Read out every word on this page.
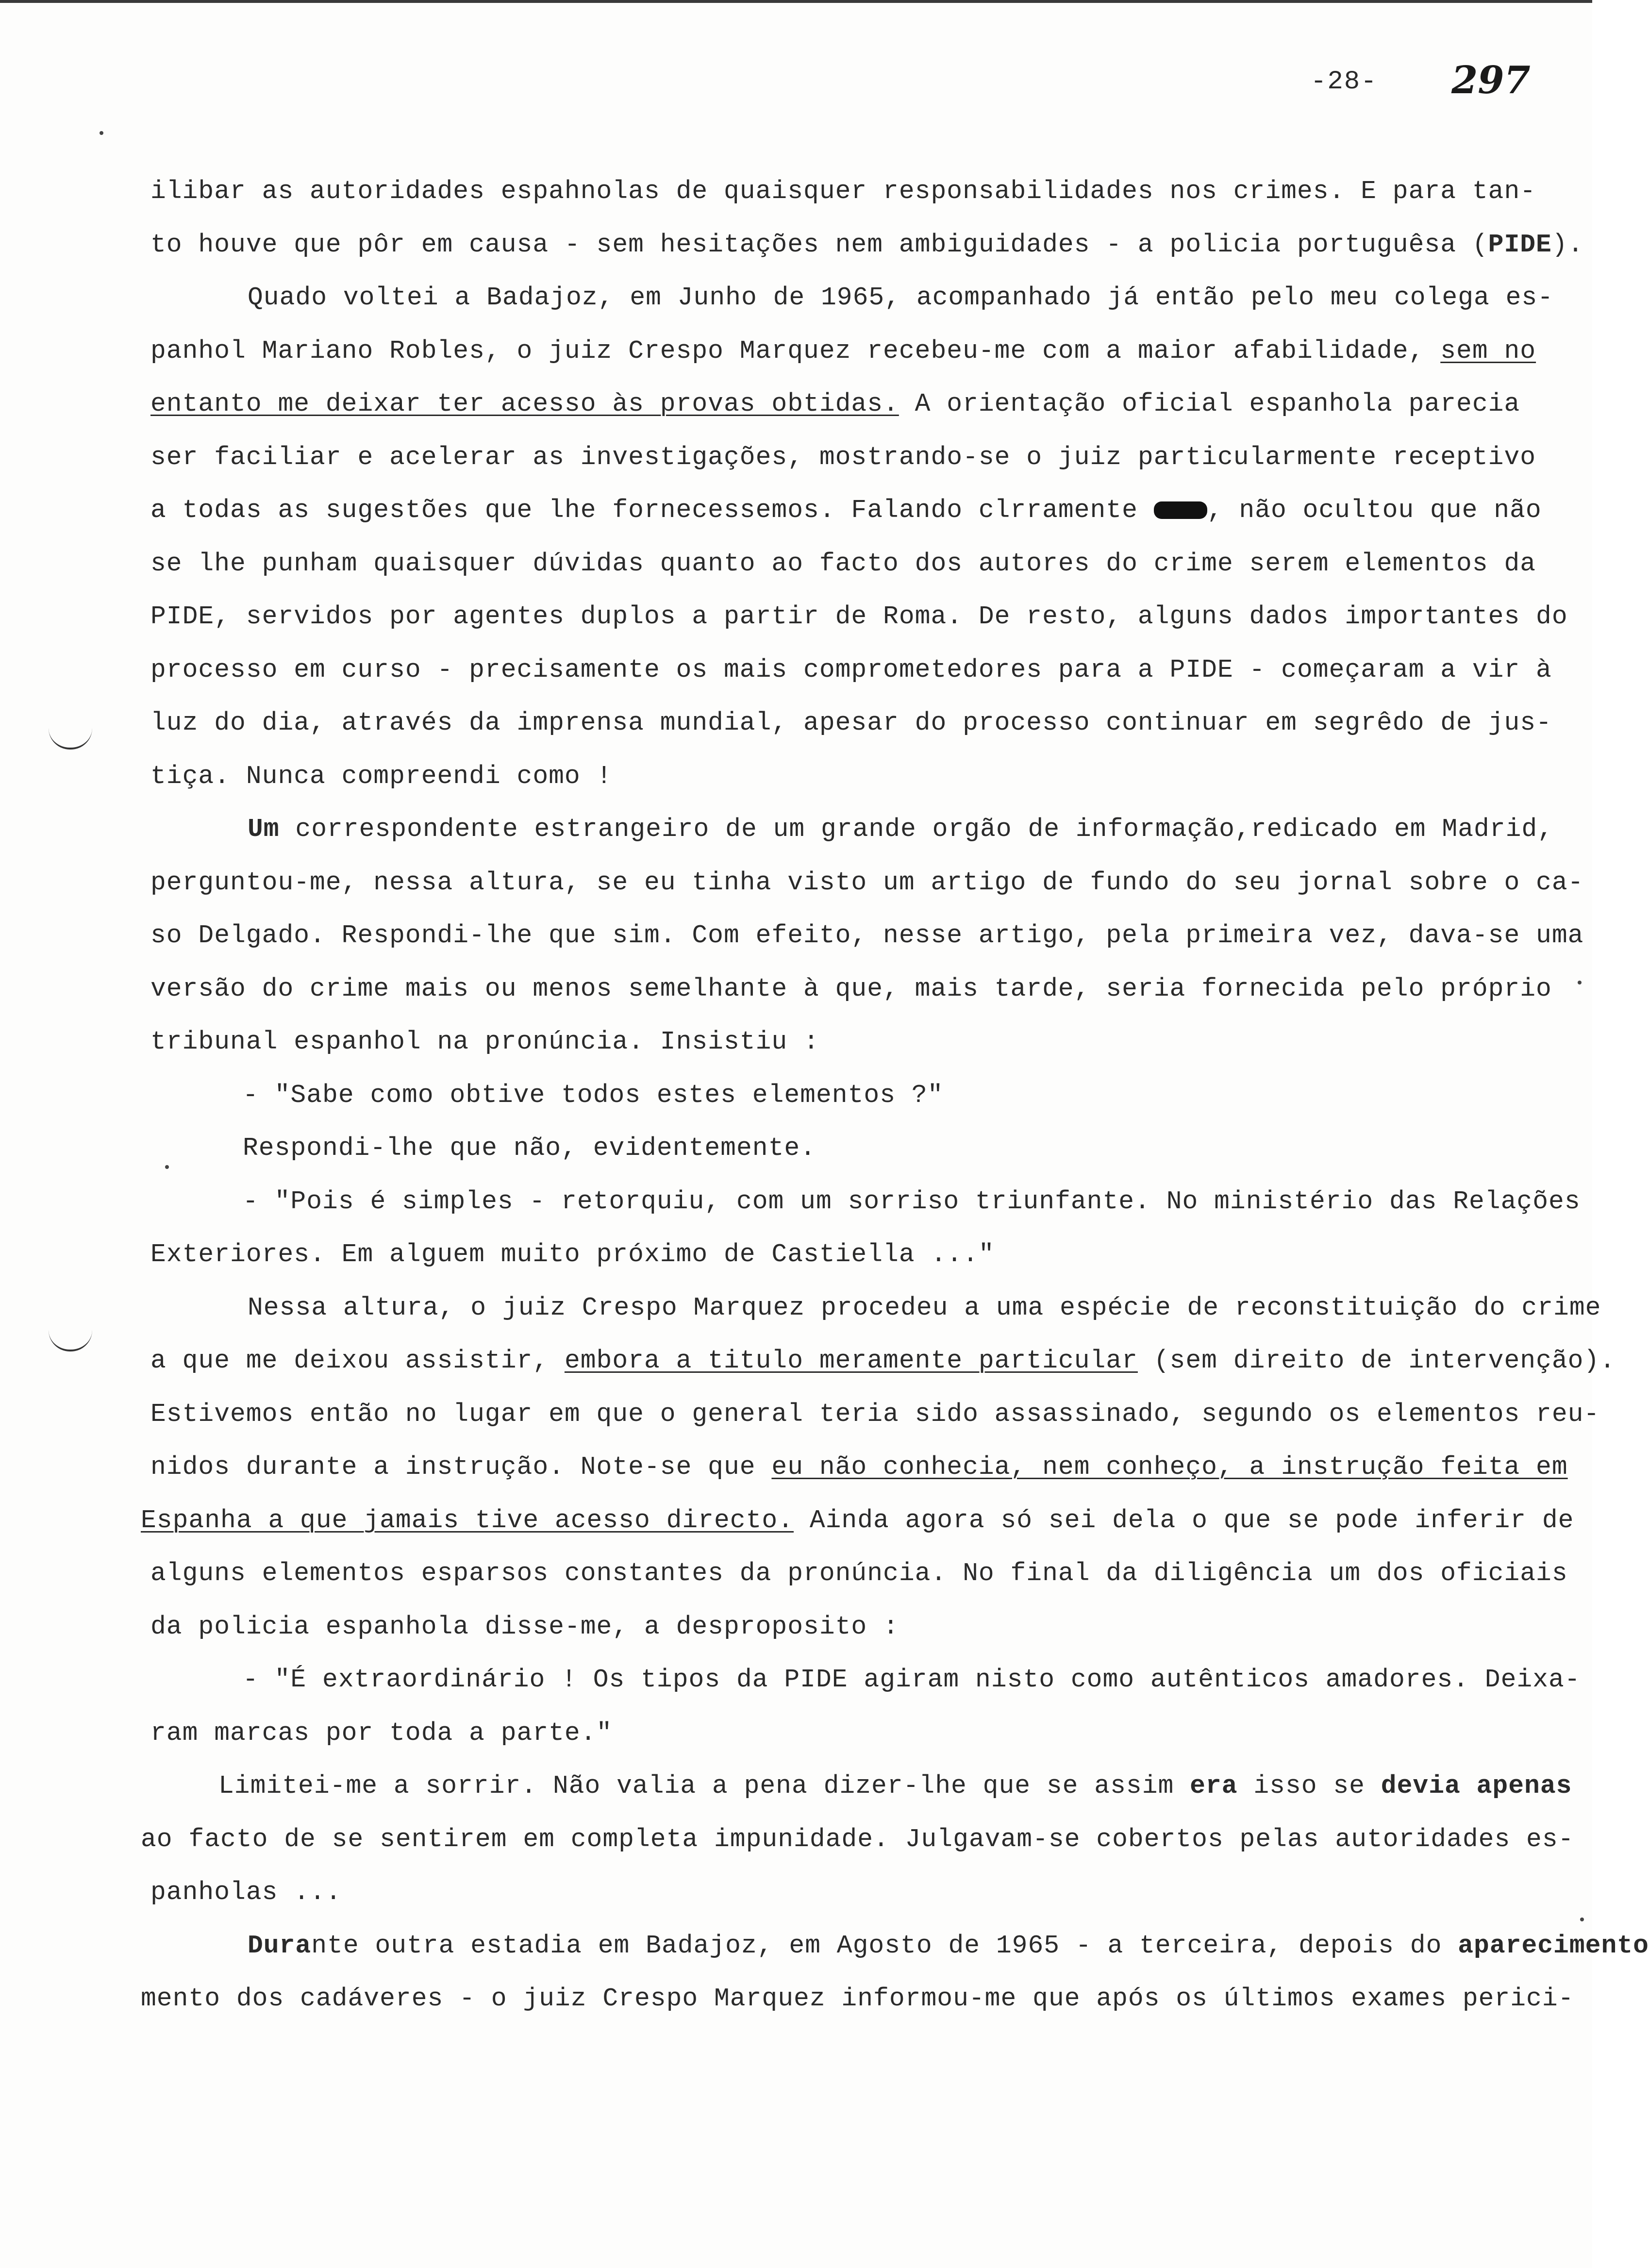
-28- 297
ilibar as autoridades espahnolas de quaisquer responsabilidades nos crimes. E para tan-
to houve que pôr em causa - sem hesitações nem ambiguidades - a policia portuguêsa (PIDE).
Quado voltei a Badajoz, em Junho de 1965, acompanhado já então pelo meu colega es-
panhol Mariano Robles, o juiz Crespo Marquez recebeu-me com a maior afabilidade, sem no
entanto me deixar ter acesso às provas obtidas. A orientação oficial espanhola parecia
ser faciliar e acelerar as investigações, mostrando-se o juiz particularmente receptivo
a todas as sugestões que lhe fornecessemos. Falando clrramente , não ocultou que não
se lhe punham quaisquer dúvidas quanto ao facto dos autores do crime serem elementos da
PIDE, servidos por agentes duplos a partir de Roma. De resto, alguns dados importantes do
processo em curso - precisamente os mais comprometedores para a PIDE - começaram a vir à
luz do dia, através da imprensa mundial, apesar do processo continuar em segrêdo de jus-
tiça. Nunca compreendi como !
Um correspondente estrangeiro de um grande orgão de informação,redicado em Madrid,
perguntou-me, nessa altura, se eu tinha visto um artigo de fundo do seu jornal sobre o ca-
so Delgado. Respondi-lhe que sim. Com efeito, nesse artigo, pela primeira vez, dava-se uma
versão do crime mais ou menos semelhante à que, mais tarde, seria fornecida pelo próprio
tribunal espanhol na pronúncia. Insistiu :
- "Sabe como obtive todos estes elementos ?"
Respondi-lhe que não, evidentemente.
- "Pois é simples - retorquiu, com um sorriso triunfante. No ministério das Relações
Exteriores. Em alguem muito próximo de Castiella ..."
Nessa altura, o juiz Crespo Marquez procedeu a uma espécie de reconstituição do crime
a que me deixou assistir, embora a titulo meramente particular (sem direito de intervenção).
Estivemos então no lugar em que o general teria sido assassinado, segundo os elementos reu-
nidos durante a instrução. Note-se que eu não conhecia, nem conheço, a instrução feita em
Espanha a que jamais tive acesso directo. Ainda agora só sei dela o que se pode inferir de
alguns elementos esparsos constantes da pronúncia. No final da diligência um dos oficiais
da policia espanhola disse-me, a desproposito :
- "É extraordinário ! Os tipos da PIDE agiram nisto como autênticos amadores. Deixa-
ram marcas por toda a parte."
Limitei-me a sorrir. Não valia a pena dizer-lhe que se assim era isso se devia apenas
ao facto de se sentirem em completa impunidade. Julgavam-se cobertos pelas autoridades es-
panholas ...
Durante outra estadia em Badajoz, em Agosto de 1965 - a terceira, depois do aparecimento
mento dos cadáveres - o juiz Crespo Marquez informou-me que após os últimos exames perici-
